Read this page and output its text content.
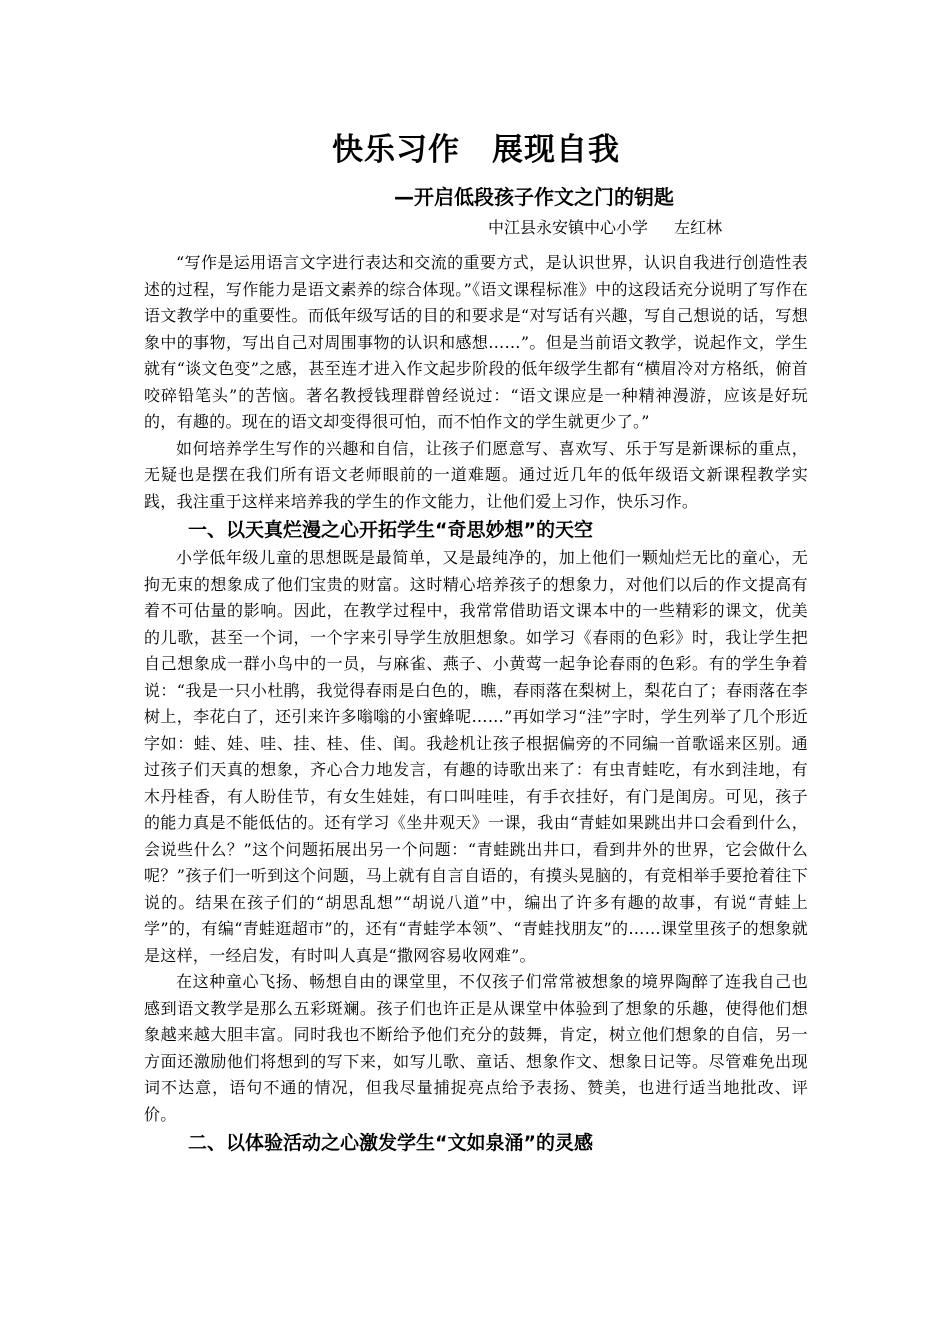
快乐习作　展现自我
—开启低段孩子作文之门的钥匙
中江县永安镇中心小学　  左红林

“写作是运用语言文字进行表达和交流的重要方式，是认识世界，认识自我进行创造性表述的过程，写作能力是语文素养的综合体现。”《语文课程标准》中的这段话充分说明了写作在语文教学中的重要性。而低年级写话的目的和要求是“对写话有兴趣，写自己想说的话，写想象中的事物，写出自己对周围事物的认识和感想……”。但是当前语文教学，说起作文，学生就有“谈文色变”之感，甚至连才进入作文起步阶段的低年级学生都有“横眉冷对方格纸，俯首咬碎铅笔头”的苦恼。著名教授钱理群曾经说过：“语文课应是一种精神漫游，应该是好玩的，有趣的。现在的语文却变得很可怕，而不怕作文的学生就更少了。”

如何培养学生写作的兴趣和自信，让孩子们愿意写、喜欢写、乐于写是新课标的重点，无疑也是摆在我们所有语文老师眼前的一道难题。通过近几年的低年级语文新课程教学实践，我注重于这样来培养我的学生的作文能力，让他们爱上习作，快乐习作。

一、以天真烂漫之心开拓学生“奇思妙想”的天空

小学低年级儿童的思想既是最简单，又是最纯净的，加上他们一颗灿烂无比的童心，无拘无束的想象成了他们宝贵的财富。这时精心培养孩子的想象力，对他们以后的作文提高有着不可估量的影响。因此，在教学过程中，我常常借助语文课本中的一些精彩的课文，优美的儿歌，甚至一个词，一个字来引导学生放胆想象。如学习《春雨的色彩》时，我让学生把自己想象成一群小鸟中的一员，与麻雀、燕子、小黄莺一起争论春雨的色彩。有的学生争着说：“我是一只小杜鹃，我觉得春雨是白色的，瞧，春雨落在梨树上，梨花白了；春雨落在李树上，李花白了，还引来许多嗡嗡的小蜜蜂呢……”再如学习“洼”字时，学生列举了几个形近字如：蛙、娃、哇、挂、桂、佳、闺。我趁机让孩子根据偏旁的不同编一首歌谣来区别。通过孩子们天真的想象，齐心合力地发言，有趣的诗歌出来了：有虫青蛙吃，有水到洼地，有木丹桂香，有人盼佳节，有女生娃娃，有口叫哇哇，有手衣挂好，有门是闺房。可见，孩子的能力真是不能低估的。还有学习《坐井观天》一课，我由“青蛙如果跳出井口会看到什么，会说些什么？”这个问题拓展出另一个问题：“青蛙跳出井口，看到井外的世界，它会做什么呢？”孩子们一听到这个问题，马上就有自言自语的，有摸头晃脑的，有竞相举手要抢着往下说的。结果在孩子们的“胡思乱想”“胡说八道”中，编出了许多有趣的故事，有说“青蛙上学”的，有编“青蛙逛超市”的，还有“青蛙学本领”、“青蛙找朋友”的……课堂里孩子的想象就是这样，一经启发，有时叫人真是“撒网容易收网难”。

在这种童心飞扬、畅想自由的课堂里，不仅孩子们常常被想象的境界陶醉了连我自己也感到语文教学是那么五彩斑斓。孩子们也许正是从课堂中体验到了想象的乐趣，使得他们想象越来越大胆丰富。同时我也不断给予他们充分的鼓舞，肯定，树立他们想象的自信，另一方面还激励他们将想到的写下来，如写儿歌、童话、想象作文、想象日记等。尽管难免出现词不达意，语句不通的情况，但我尽量捕捉亮点给予表扬、赞美，也进行适当地批改、评价。

二、以体验活动之心激发学生“文如泉涌”的灵感
